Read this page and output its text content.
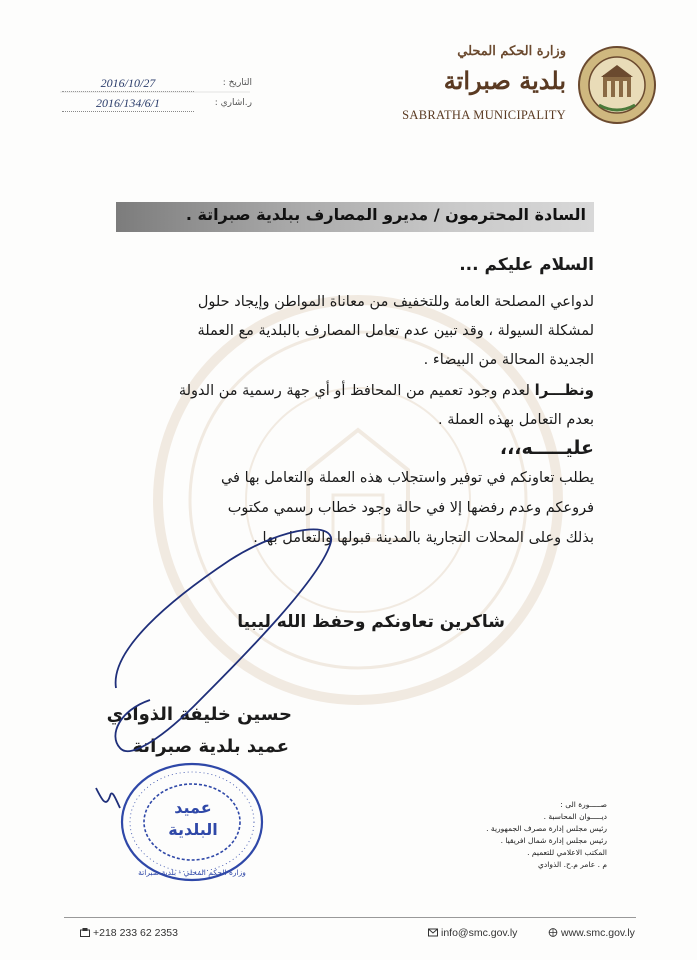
وزارة الحكم المحلي
بلدية صبراتة
SABRATHA MUNICIPALITY
التاريخ :
2016/10/27
ر.اشاري :
2016/134/6/1
السادة المحترمون / مديرو المصارف ببلدية صبراتة .
السلام عليكم ...
لدواعي المصلحة العامة وللتخفيف من معاناة المواطن وإيجاد حلول
لمشكلة السيولة ، وقد تبين عدم تعامل المصارف بالبلدية مع العملة
الجديدة المحالة من البيضاء .
ونظـــرا لعدم وجود تعميم من المحافظ أو أي جهة رسمية من الدولة
بعدم التعامل بهذه العملة .
عليـــــه،،،
يطلب تعاونكم في توفير واستجلاب هذه العملة والتعامل بها في
فروعكم وعدم رفضها إلا في حالة وجود خطاب رسمي مكتوب
بذلك وعلى المحلات التجارية بالمدينة قبولها والتعامل بها .
شاكرين تعاونكم وحفظ الله ليبيا
حسين خليفة الذوادي
عميد بلدية صبراتة
عميد البلدية
وزارة الحكم المحلي - بلدية صبراتة
صـــــورة الى :
ديـــــوان المحاسبة .
رئيس مجلس إدارة مصرف الجمهورية .
رئيس مجلس إدارة شمال افريقيا .
المكتب الاعلامي للتعميم .
م . عامر م.ح. الذوادي
+218 233 62 2353	info@smc.gov.ly	www.smc.gov.ly
